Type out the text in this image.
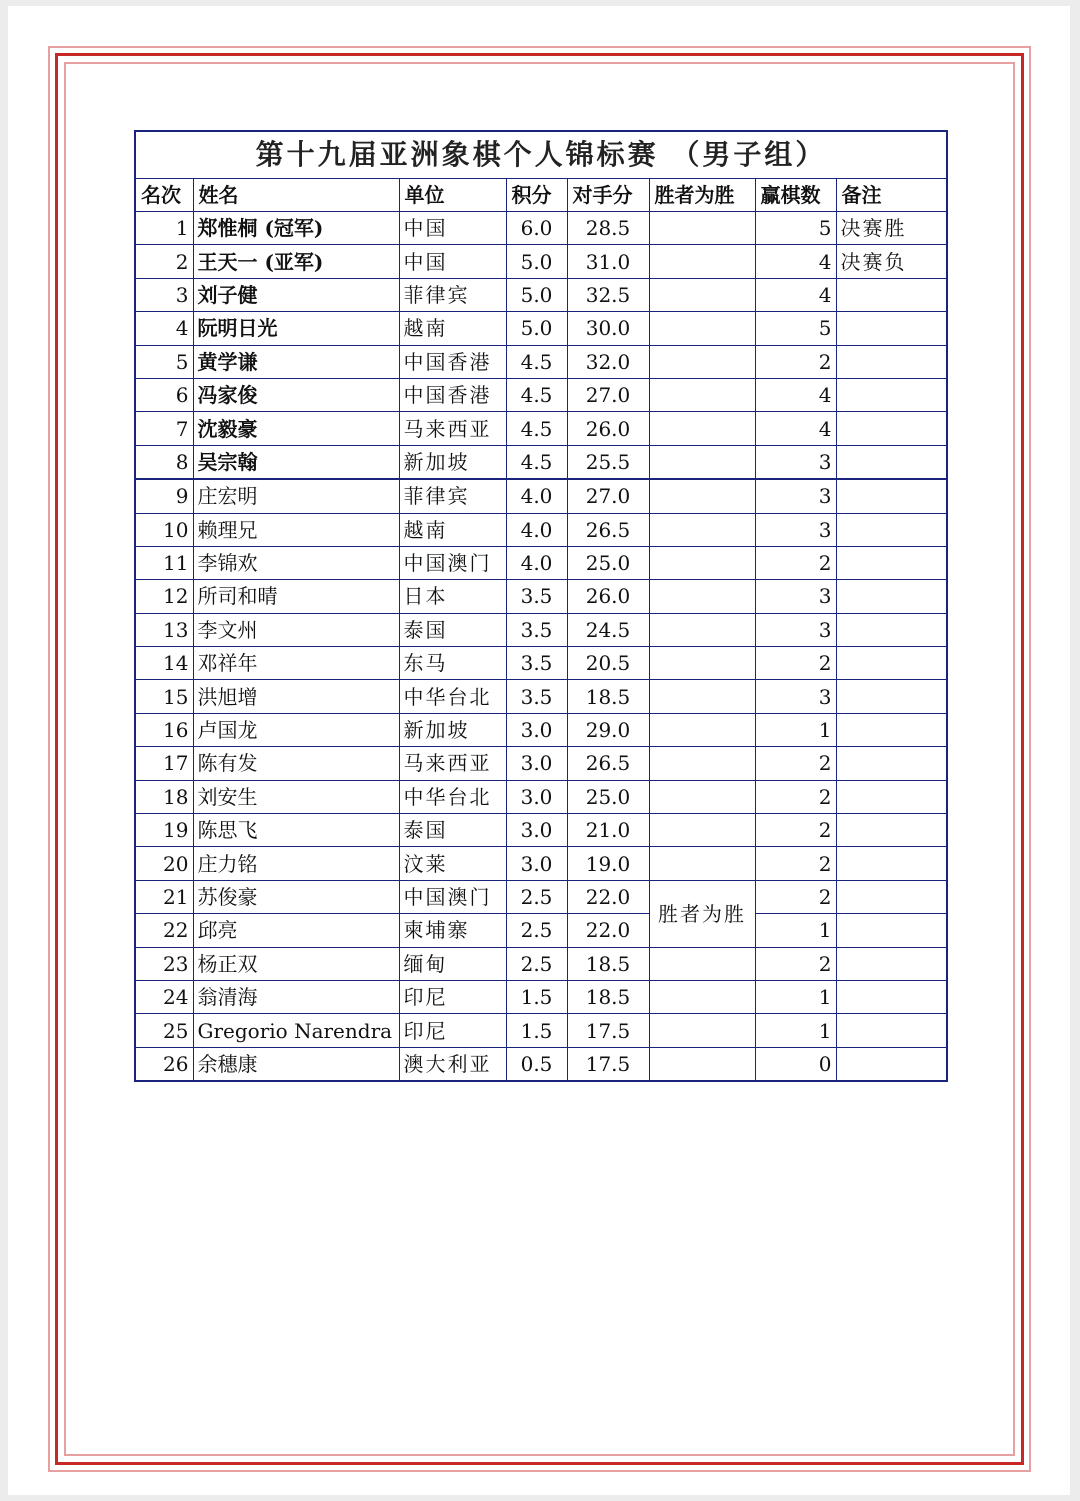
第十九届亚洲象棋个人锦标赛 （男子组）							
名次	姓名	单位	积分	对手分	胜者为胜	赢棋数	备注
1	郑惟桐 (冠军)	中国	6.0	28.5		5	决赛胜
2	王天一 (亚军)	中国	5.0	31.0		4	决赛负
3	刘子健	菲律宾	5.0	32.5		4	
4	阮明日光	越南	5.0	30.0		5	
5	黄学谦	中国香港	4.5	32.0		2	
6	冯家俊	中国香港	4.5	27.0		4	
7	沈毅豪	马来西亚	4.5	26.0		4	
8	吴宗翰	新加坡	4.5	25.5		3	
9	庄宏明	菲律宾	4.0	27.0		3	
10	赖理兄	越南	4.0	26.5		3	
11	李锦欢	中国澳门	4.0	25.0		2	
12	所司和晴	日本	3.5	26.0		3	
13	李文州	泰国	3.5	24.5		3	
14	邓祥年	东马	3.5	20.5		2	
15	洪旭增	中华台北	3.5	18.5		3	
16	卢国龙	新加坡	3.0	29.0		1	
17	陈有发	马来西亚	3.0	26.5		2	
18	刘安生	中华台北	3.0	25.0		2	
19	陈思飞	泰国	3.0	21.0		2	
20	庄力铭	汶莱	3.0	19.0		2	
21	苏俊豪	中国澳门	2.5	22.0	胜者为胜	2	
22	邱亮	柬埔寨	2.5	22.0		1	
23	杨正双	缅甸	2.5	18.5		2	
24	翁清海	印尼	1.5	18.5		1	
25	Gregorio Narendra	印尼	1.5	17.5		1	
26	余穗康	澳大利亚	0.5	17.5		0	
